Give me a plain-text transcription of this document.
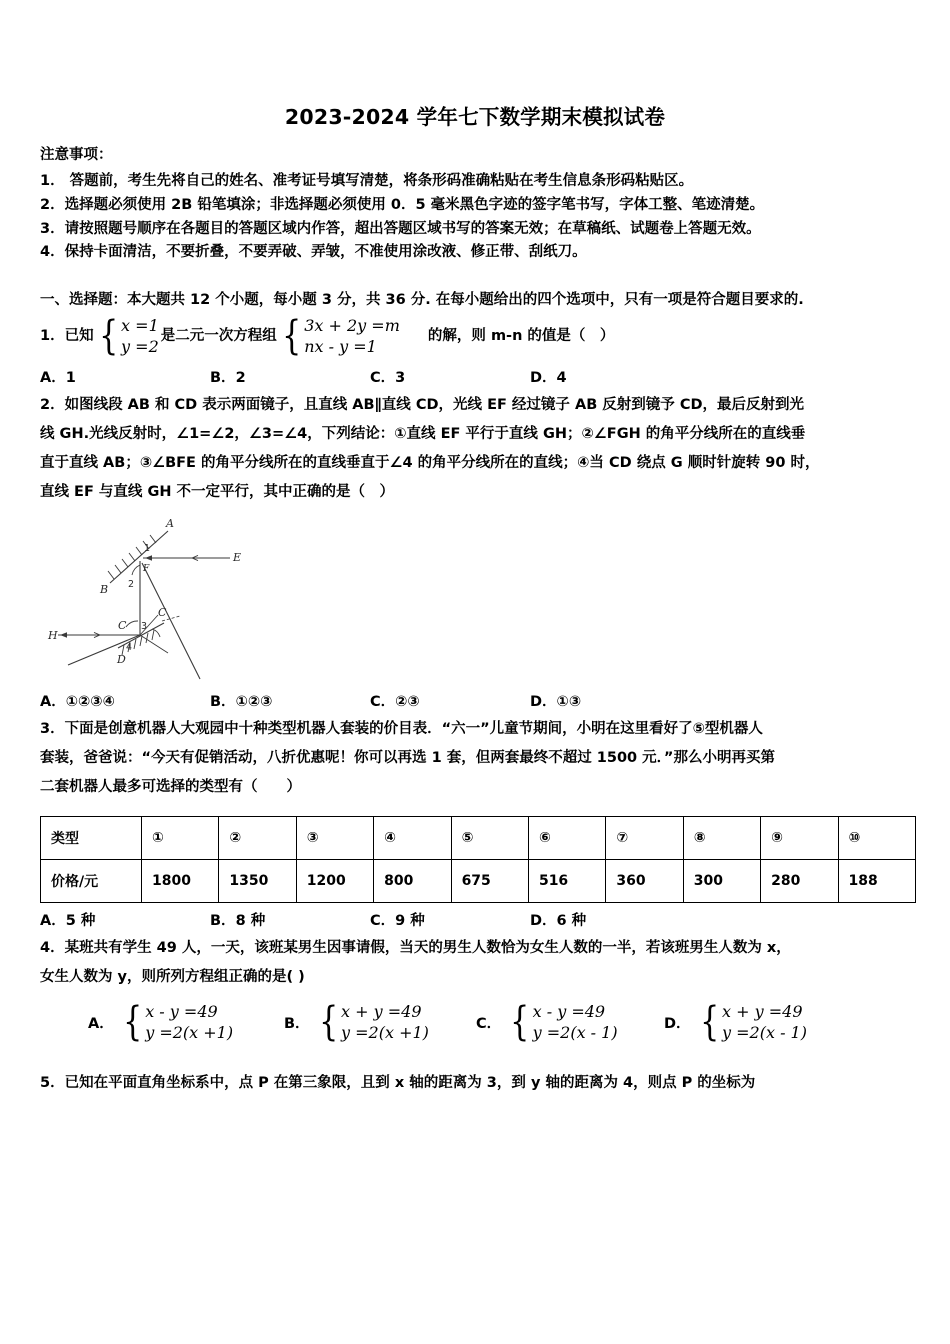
2023-2024 学年七下数学期末模拟试卷
注意事项：
1． 答题前，考生先将自己的姓名、准考证号填写清楚，将条形码准确粘贴在考生信息条形码粘贴区。
2．选择题必须使用 2B 铅笔填涂；非选择题必须使用 0．5 毫米黑色字迹的签字笔书写，字体工整、笔迹清楚。
3．请按照题号顺序在各题目的答题区域内作答，超出答题区域书写的答案无效；在草稿纸、试题卷上答题无效。
4．保持卡面清洁，不要折叠，不要弄破、弄皱，不准使用涂改液、修正带、刮纸刀。
一、选择题：本大题共 12 个小题，每小题 3 分，共 36 分. 在每小题给出的四个选项中，只有一项是符合题目要求的.
1． 已知 { x =1
y =2
是二元一次方程组 { 3x + 2y =m
nx - y =1
的解，则 m-n 的值是（　）
A．1	B．2	C．3	D．4
2．如图线段 AB 和 CD 表示两面镜子，且直线 AB∥直线 CD，光线 EF 经过镜子 AB 反射到镜予 CD，最后反射到光
线 GH.光线反射时，∠1=∠2，∠3=∠4，下列结论：①直线 EF 平行于直线 GH；②∠FGH 的角平分线所在的直线垂
直于直线 AB；③∠BFE 的角平分线所在的直线垂直于∠4 的角平分线所在的直线；④当 CD 绕点 G 顺时针旋转 90 时，
直线 EF 与直线 GH 不一定平行，其中正确的是（　）
A
B
E
F
C
C
D
H
1
2
3
4
A．①②③④	B．①②③	C．②③	D．①③
3．下面是创意机器人大观园中十种类型机器人套装的价目表．“六一”儿童节期间，小明在这里看好了⑤型机器人
套装，爸爸说：“今天有促销活动，八折优惠呢！你可以再选 1 套，但两套最终不超过 1500 元．”那么小明再买第
二套机器人最多可选择的类型有（　　）
类型	①	②	③	④	⑤	⑥	⑦	⑧	⑨	⑩
价格/元	1800	1350	1200	800	675	516	360	300	280	188
A．5 种	B．8 种	C．9 种	D．6 种
4．某班共有学生 49 人，一天，该班某男生因事请假，当天的男生人数恰为女生人数的一半，若该班男生人数为 x，
女生人数为 y，则所列方程组正确的是( )
A． { x - y =49
y =2(x +1)	B． { x + y =49
y =2(x +1)	C． { x - y =49
y =2(x - 1)	D． { x + y =49
y =2(x - 1)
5．已知在平面直角坐标系中，点 P 在第三象限，且到 x 轴的距离为 3，到 y 轴的距离为 4，则点 P 的坐标为
